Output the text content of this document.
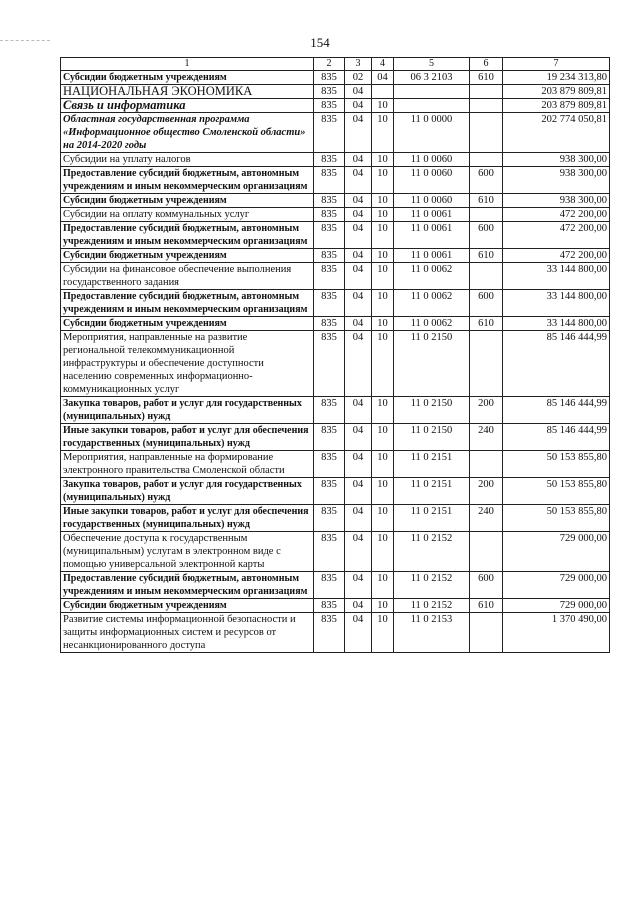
154
1	2	3	4	5	6	7
Субсидии бюджетным учреждениям	835	02	04	06 3 2103	610	19 234 313,80
НАЦИОНАЛЬНАЯ ЭКОНОМИКА	835	04				203 879 809,81
Связь и информатика	835	04	10			203 879 809,81
Областная государственная программа «Информационное общество Смоленской области» на 2014-2020 годы	835	04	10	11 0 0000		202 774 050,81
Субсидии на уплату налогов	835	04	10	11 0 0060		938 300,00
Предоставление субсидий бюджетным, автономным учреждениям и иным некоммерческим организациям	835	04	10	11 0 0060	600	938 300,00
Субсидии бюджетным учреждениям	835	04	10	11 0 0060	610	938 300,00
Субсидии на оплату коммунальных услуг	835	04	10	11 0 0061		472 200,00
Предоставление субсидий бюджетным, автономным учреждениям и иным некоммерческим организациям	835	04	10	11 0 0061	600	472 200,00
Субсидии бюджетным учреждениям	835	04	10	11 0 0061	610	472 200,00
Субсидии на финансовое обеспечение выполнения государственного задания	835	04	10	11 0 0062		33 144 800,00
Предоставление субсидий бюджетным, автономным учреждениям и иным некоммерческим организациям	835	04	10	11 0 0062	600	33 144 800,00
Субсидии бюджетным учреждениям	835	04	10	11 0 0062	610	33 144 800,00
Мероприятия, направленные на развитие региональной телекоммуникационной инфраструктуры и обеспечение доступности населению современных информационно-коммуникационных услуг	835	04	10	11 0 2150		85 146 444,99
Закупка товаров, работ и услуг для государственных (муниципальных) нужд	835	04	10	11 0 2150	200	85 146 444,99
Иные закупки товаров, работ и услуг для обеспечения государственных (муниципальных) нужд	835	04	10	11 0 2150	240	85 146 444,99
Мероприятия, направленные на формирование электронного правительства Смоленской области	835	04	10	11 0 2151		50 153 855,80
Закупка товаров, работ и услуг для государственных (муниципальных) нужд	835	04	10	11 0 2151	200	50 153 855,80
Иные закупки товаров, работ и услуг для обеспечения государственных (муниципальных) нужд	835	04	10	11 0 2151	240	50 153 855,80
Обеспечение доступа к государственным (муниципальным) услугам в электронном виде с помощью универсальной электронной карты	835	04	10	11 0 2152		729 000,00
Предоставление субсидий бюджетным, автономным учреждениям и иным некоммерческим организациям	835	04	10	11 0 2152	600	729 000,00
Субсидии бюджетным учреждениям	835	04	10	11 0 2152	610	729 000,00
Развитие системы информационной безопасности и защиты информационных систем и ресурсов от несанкционированного доступа	835	04	10	11 0 2153		1 370 490,00
